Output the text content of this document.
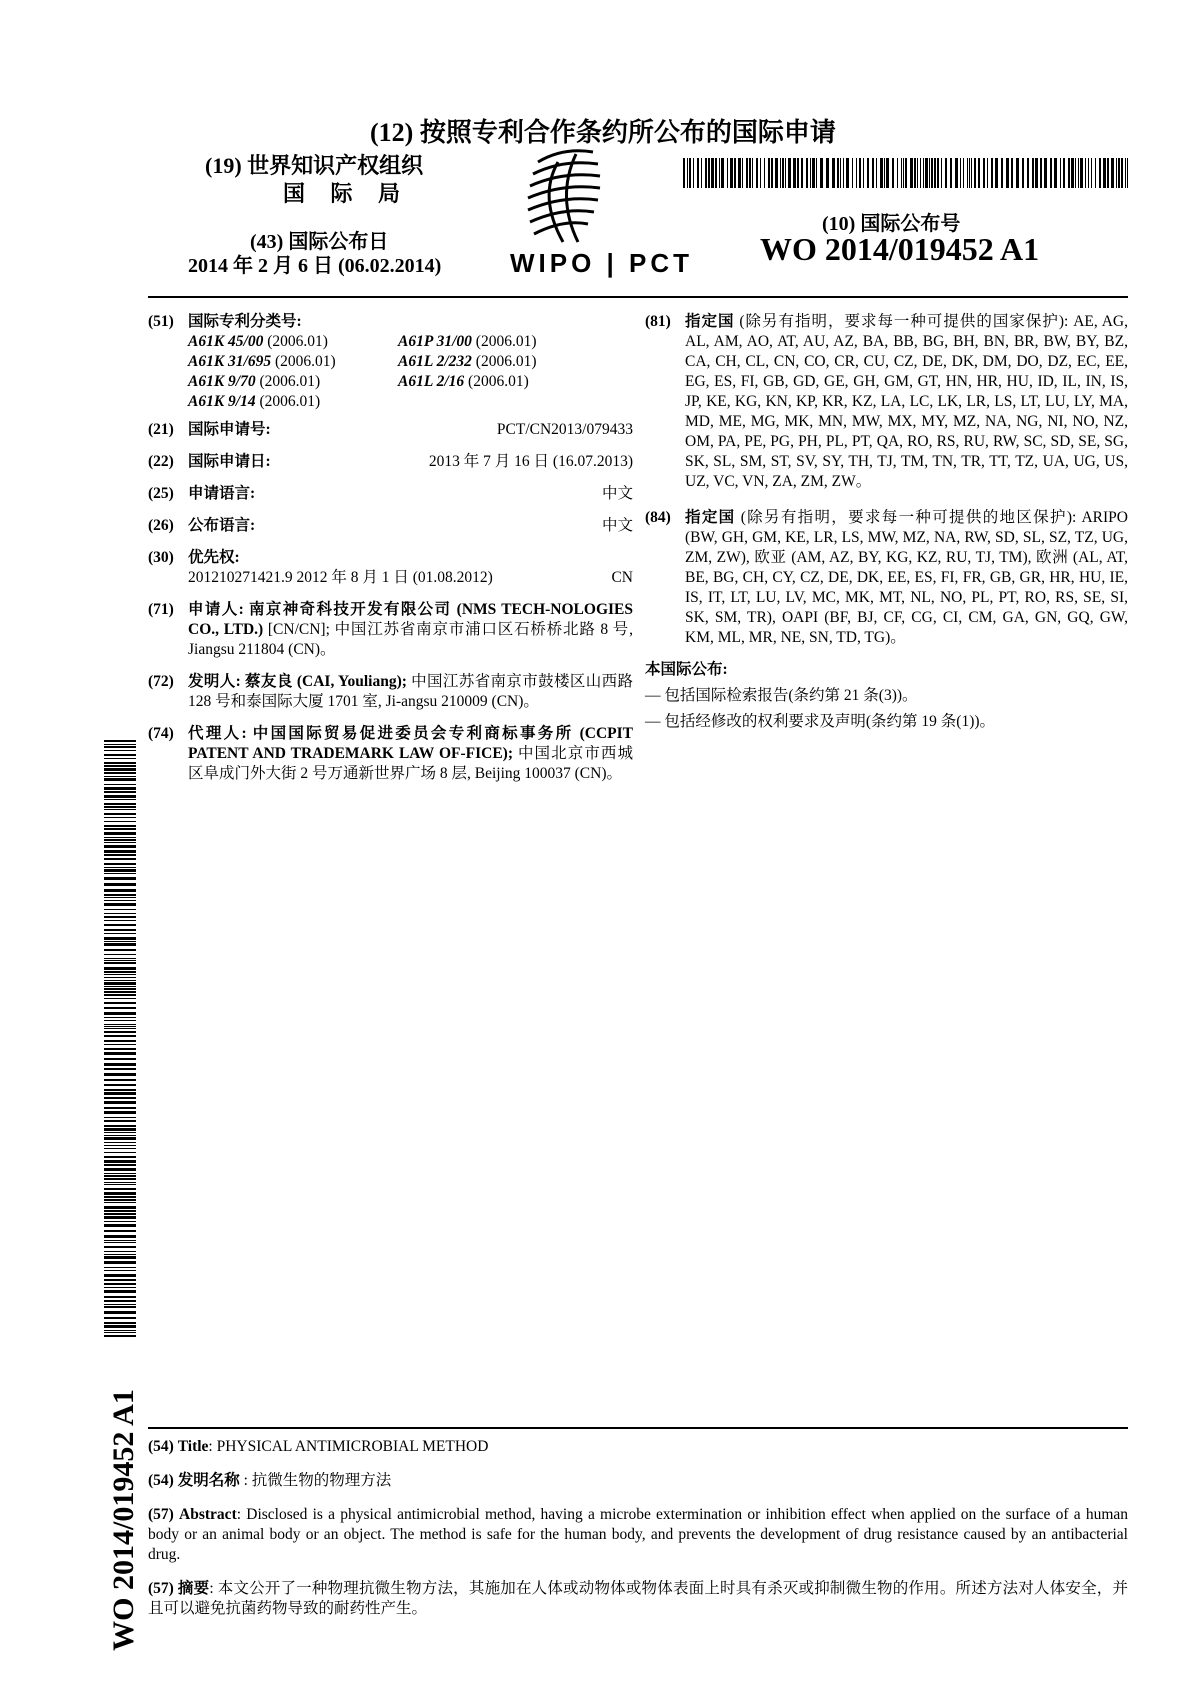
(12) 按照专利合作条约所公布的国际申请
(19) 世界知识产权组织
国 际 局
(43) 国际公布日
2014 年 2 月 6 日 (06.02.2014)	WIPO | PCT
(10) 国际公布号
WO 2014/019452 A1
(51) 国际专利分类号:
A61K 45/00 (2006.01)	A61P 31/00 (2006.01)
A61K 31/695 (2006.01)	A61L 2/232 (2006.01)
A61K 9/70 (2006.01)	A61L 2/16 (2006.01)
A61K 9/14 (2006.01)
(21) 国际申请号:	PCT/CN2013/079433
(22) 国际申请日:	2013 年 7 月 16 日 (16.07.2013)
(25) 申请语言:	中文
(26) 公布语言:	中文
(30) 优先权:
201210271421.9 2012 年 8 月 1 日 (01.08.2012)	CN
(71) 申请人: 南京神奇科技开发有限公司 (NMS TECH-NOLOGIES CO., LTD.) [CN/CN]; 中国江苏省南京市浦口区石桥桥北路 8 号, Jiangsu 211804 (CN)。
(72) 发明人: 蔡友良 (CAI, Youliang); 中国江苏省南京市鼓楼区山西路 128 号和泰国际大厦 1701 室, Ji-angsu 210009 (CN)。
(74) 代理人: 中国国际贸易促进委员会专利商标事务所 (CCPIT PATENT AND TRADEMARK LAW OF-FICE); 中国北京市西城区阜成门外大街 2 号万通新世界广场 8 层, Beijing 100037 (CN)。
(81) 指定国 (除另有指明，要求每一种可提供的国家保护): AE, AG, AL, AM, AO, AT, AU, AZ, BA, BB, BG, BH, BN, BR, BW, BY, BZ, CA, CH, CL, CN, CO, CR, CU, CZ, DE, DK, DM, DO, DZ, EC, EE, EG, ES, FI, GB, GD, GE, GH, GM, GT, HN, HR, HU, ID, IL, IN, IS, JP, KE, KG, KN, KP, KR, KZ, LA, LC, LK, LR, LS, LT, LU, LY, MA, MD, ME, MG, MK, MN, MW, MX, MY, MZ, NA, NG, NI, NO, NZ, OM, PA, PE, PG, PH, PL, PT, QA, RO, RS, RU, RW, SC, SD, SE, SG, SK, SL, SM, ST, SV, SY, TH, TJ, TM, TN, TR, TT, TZ, UA, UG, US, UZ, VC, VN, ZA, ZM, ZW。
(84) 指定国 (除另有指明，要求每一种可提供的地区保护): ARIPO (BW, GH, GM, KE, LR, LS, MW, MZ, NA, RW, SD, SL, SZ, TZ, UG, ZM, ZW), 欧亚 (AM, AZ, BY, KG, KZ, RU, TJ, TM), 欧洲 (AL, AT, BE, BG, CH, CY, CZ, DE, DK, EE, ES, FI, FR, GB, GR, HR, HU, IE, IS, IT, LT, LU, LV, MC, MK, MT, NL, NO, PL, PT, RO, RS, SE, SI, SK, SM, TR), OAPI (BF, BJ, CF, CG, CI, CM, GA, GN, GQ, GW, KM, ML, MR, NE, SN, TD, TG)。
本国际公布:
— 包括国际检索报告(条约第 21 条(3))。
— 包括经修改的权利要求及声明(条约第 19 条(1))。
WO 2014/019452 A1 (54) Title: PHYSICAL ANTIMICROBIAL METHOD
(54) 发明名称 : 抗微生物的物理方法
(57) Abstract: Disclosed is a physical antimicrobial method, having a microbe extermination or inhibition effect when applied on the surface of a human body or an animal body or an object. The method is safe for the human body, and prevents the development of drug resistance caused by an antibacterial drug.
(57) 摘要: 本文公开了一种物理抗微生物方法，其施加在人体或动物体或物体表面上时具有杀灭或抑制微生物的作用。所述方法对人体安全，并且可以避免抗菌药物导致的耐药性产生。
